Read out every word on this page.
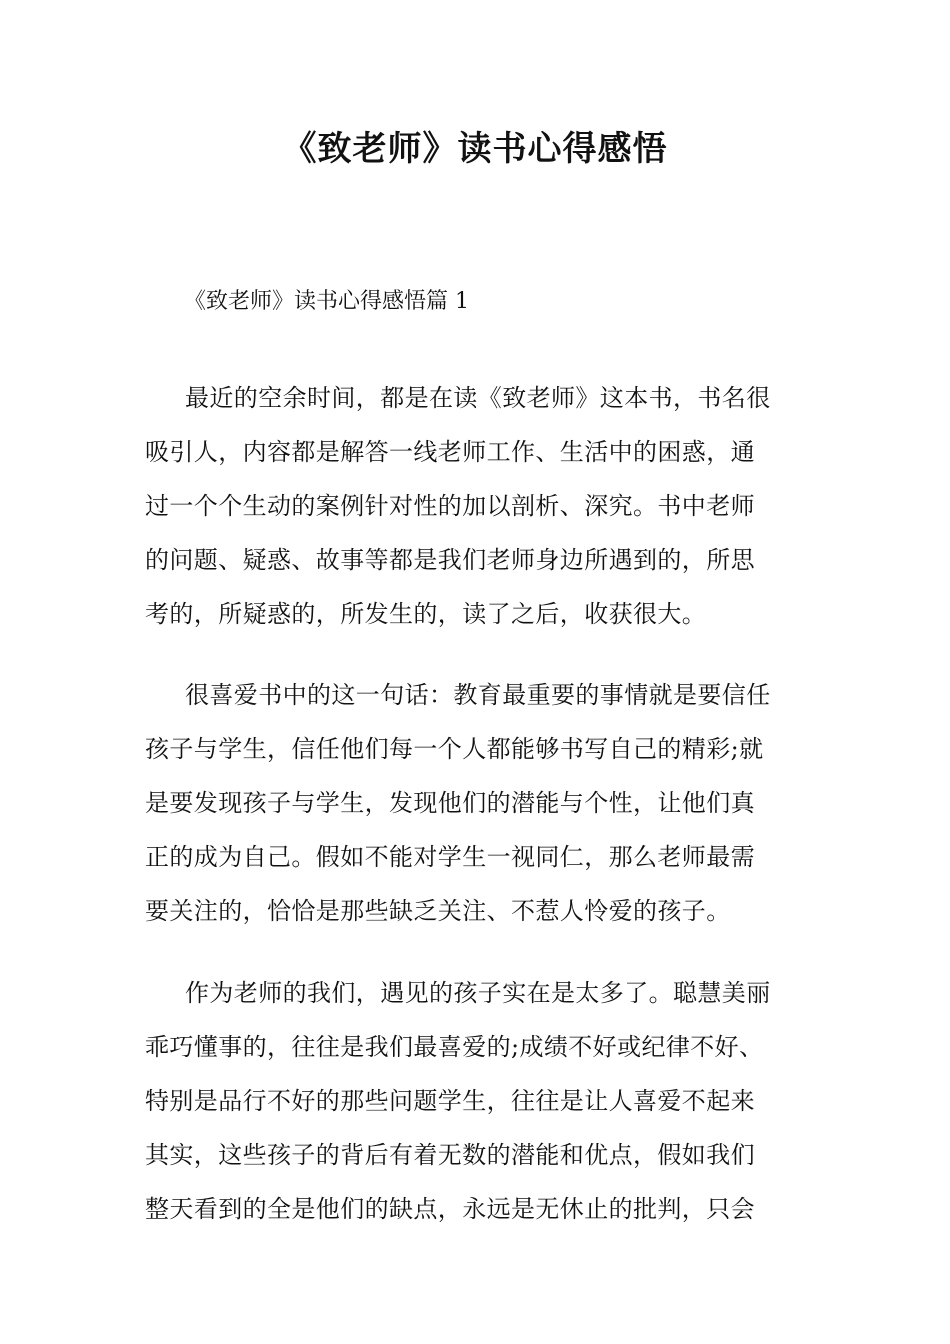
《致老师》读书心得感悟

《致老师》读书心得感悟篇 1

最近的空余时间，都是在读《致老师》这本书，书名很
吸引人，内容都是解答一线老师工作、生活中的困惑，通
过一个个生动的案例针对性的加以剖析、深究。书中老师
的问题、疑惑、故事等都是我们老师身边所遇到的，所思
考的，所疑惑的，所发生的，读了之后，收获很大。
很喜爱书中的这一句话：教育最重要的事情就是要信任
孩子与学生，信任他们每一个人都能够书写自己的精彩;就
是要发现孩子与学生，发现他们的潜能与个性，让他们真
正的成为自己。假如不能对学生一视同仁，那么老师最需
要关注的，恰恰是那些缺乏关注、不惹人怜爱的孩子。
作为老师的我们，遇见的孩子实在是太多了。聪慧美丽
乖巧懂事的，往往是我们最喜爱的;成绩不好或纪律不好、
特别是品行不好的那些问题学生，往往是让人喜爱不起来
其实，这些孩子的背后有着无数的潜能和优点，假如我们
整天看到的全是他们的缺点，永远是无休止的批判，只会
